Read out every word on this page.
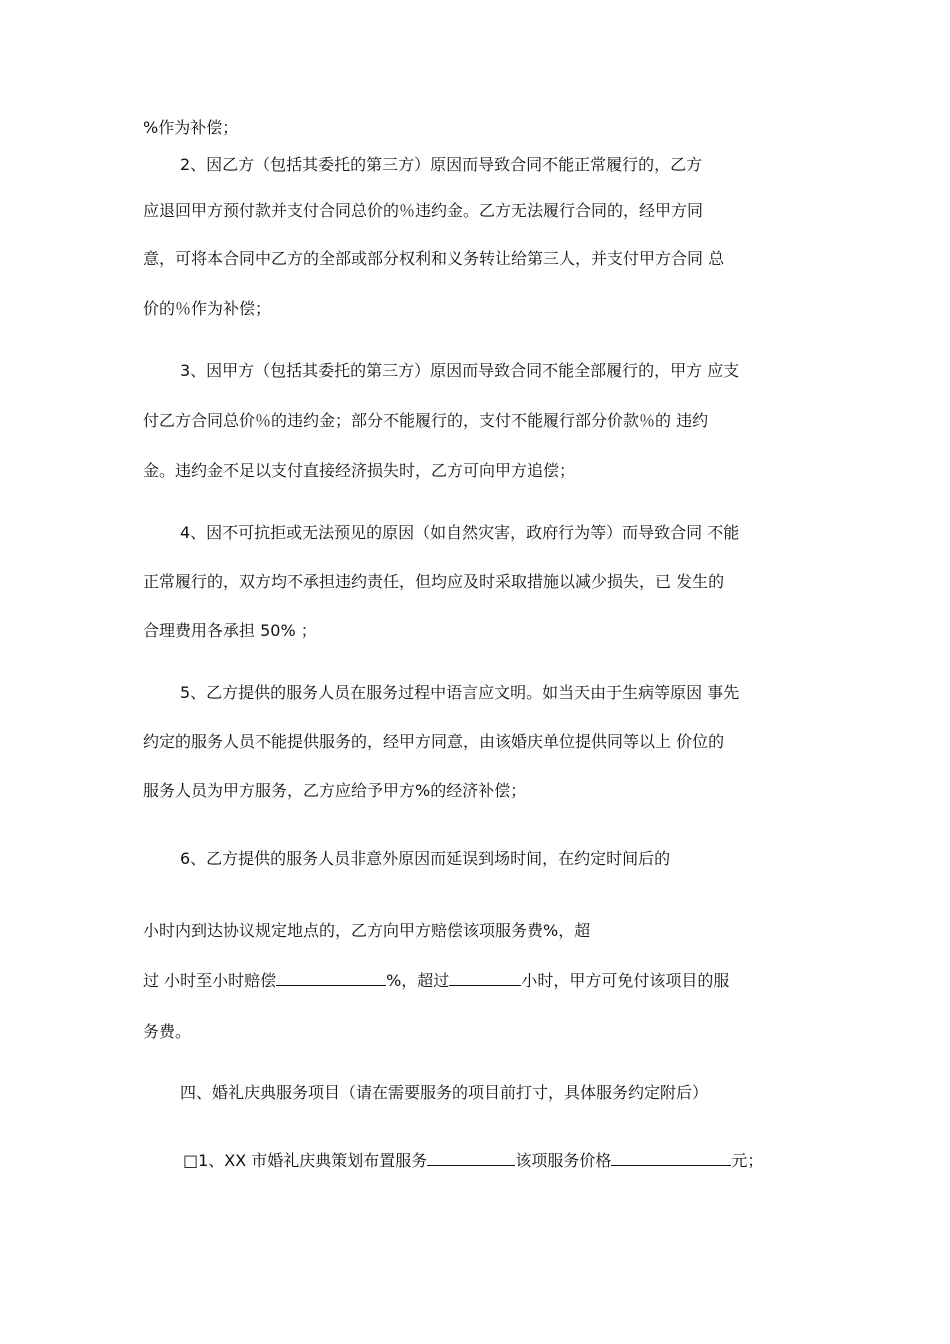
%作为补偿；

2、因乙方（包括其委托的第三方）原因而导致合同不能正常履行的，乙方

应退回甲方预付款并支付合同总价的％违约金。乙方无法履行合同的，经甲方同

意，可将本合同中乙方的全部或部分权利和义务转让给第三人，并支付甲方合同 总

价的％作为补偿；

3、因甲方（包括其委托的第三方）原因而导致合同不能全部履行的，甲方 应支

付乙方合同总价％的违约金；部分不能履行的，支付不能履行部分价款％的 违约

金。违约金不足以支付直接经济损失时，乙方可向甲方追偿；

4、因不可抗拒或无法预见的原因（如自然灾害，政府行为等）而导致合同 不能

正常履行的，双方均不承担违约责任，但均应及时采取措施以减少损失，已 发生的

合理费用各承担 50% ；

5、乙方提供的服务人员在服务过程中语言应文明。如当天由于生病等原因 事先

约定的服务人员不能提供服务的，经甲方同意，由该婚庆单位提供同等以上 价位的

服务人员为甲方服务，乙方应给予甲方%的经济补偿；

6、乙方提供的服务人员非意外原因而延误到场时间，在约定时间后的

小时内到达协议规定地点的，乙方向甲方赔偿该项服务费%，超

过 小时至小时赔偿	%，超过	小时，甲方可免付该项目的服

务费。

四、婚礼庆典服务项目（请在需要服务的项目前打寸，具体服务约定附后）

□1、XX 市婚礼庆典策划布置服务	该项服务价格	元；
